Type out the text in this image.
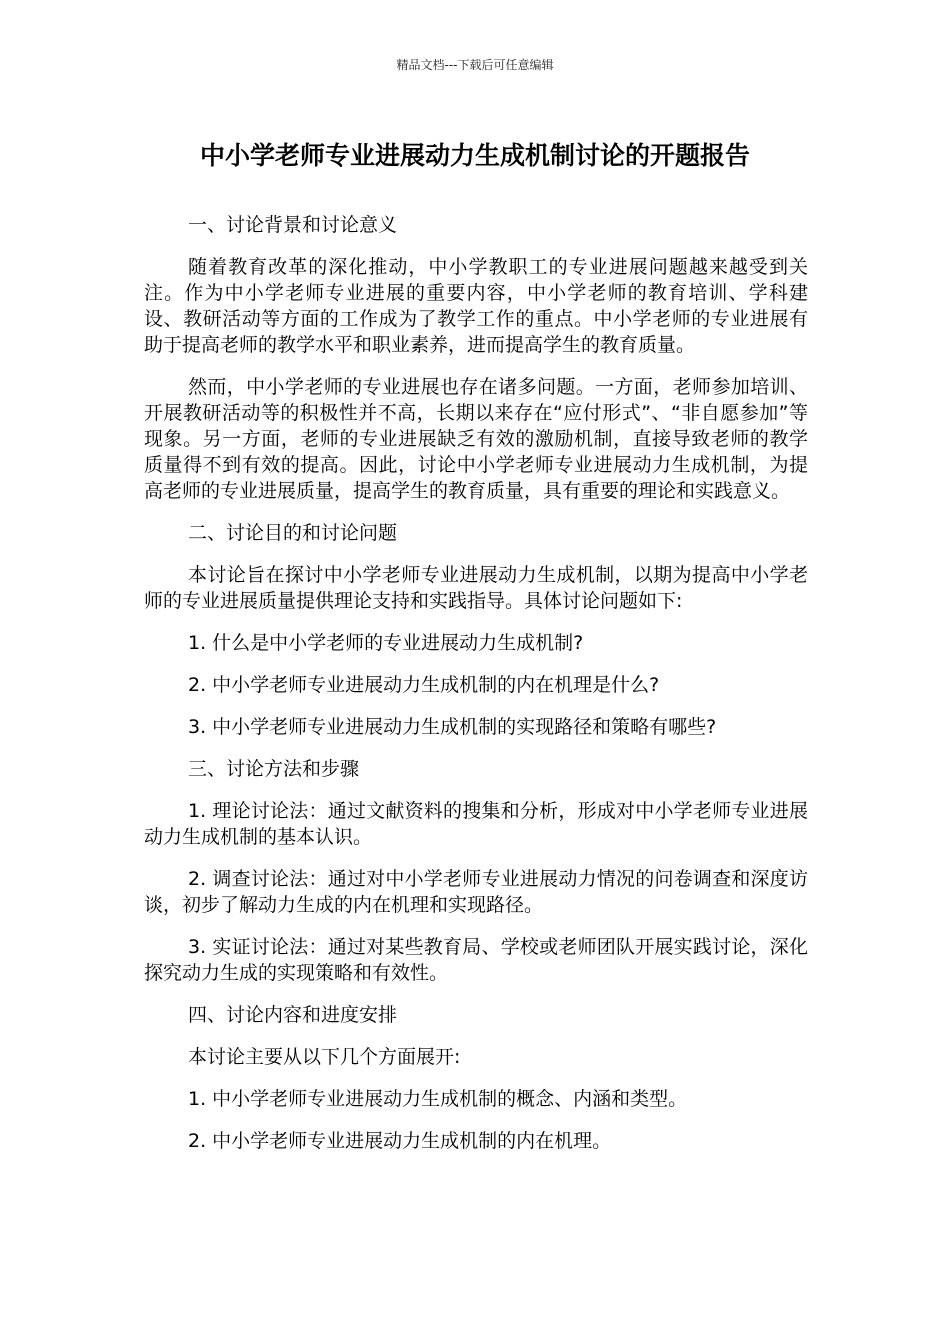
精品文档---下载后可任意编辑
中小学老师专业进展动力生成机制讨论的开题报告

一、讨论背景和讨论意义

随着教育改革的深化推动，中小学教职工的专业进展问题越来越受到关注。作为中小学老师专业进展的重要内容，中小学老师的教育培训、学科建设、教研活动等方面的工作成为了教学工作的重点。中小学老师的专业进展有助于提高老师的教学水平和职业素养，进而提高学生的教育质量。

然而，中小学老师的专业进展也存在诸多问题。一方面，老师参加培训、开展教研活动等的积极性并不高，长期以来存在“应付形式”、“非自愿参加”等现象。另一方面，老师的专业进展缺乏有效的激励机制，直接导致老师的教学质量得不到有效的提高。因此，讨论中小学老师专业进展动力生成机制，为提高老师的专业进展质量，提高学生的教育质量，具有重要的理论和实践意义。

二、讨论目的和讨论问题

本讨论旨在探讨中小学老师专业进展动力生成机制，以期为提高中小学老师的专业进展质量提供理论支持和实践指导。具体讨论问题如下:

1. 什么是中小学老师的专业进展动力生成机制?

2. 中小学老师专业进展动力生成机制的内在机理是什么?

3. 中小学老师专业进展动力生成机制的实现路径和策略有哪些?

三、讨论方法和步骤

1. 理论讨论法：通过文献资料的搜集和分析，形成对中小学老师专业进展动力生成机制的基本认识。

2. 调查讨论法：通过对中小学老师专业进展动力情况的问卷调查和深度访谈，初步了解动力生成的内在机理和实现路径。

3. 实证讨论法：通过对某些教育局、学校或老师团队开展实践讨论，深化探究动力生成的实现策略和有效性。

四、讨论内容和进度安排

本讨论主要从以下几个方面展开:

1. 中小学老师专业进展动力生成机制的概念、内涵和类型。

2. 中小学老师专业进展动力生成机制的内在机理。
